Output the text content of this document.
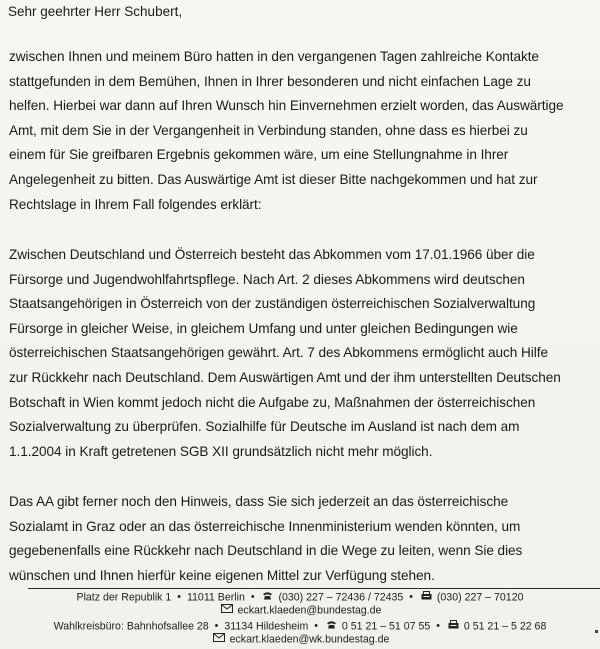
Sehr geehrter Herr Schubert,
zwischen Ihnen und meinem Büro hatten in den vergangenen Tagen zahlreiche Kontakte
stattgefunden in dem Bemühen, Ihnen in Ihrer besonderen und nicht einfachen Lage zu
helfen. Hierbei war dann auf Ihren Wunsch hin Einvernehmen erzielt worden, das Auswärtige
Amt, mit dem Sie in der Vergangenheit in Verbindung standen, ohne dass es hierbei zu
einem für Sie greifbaren Ergebnis gekommen wäre, um eine Stellungnahme in Ihrer
Angelegenheit zu bitten. Das Auswärtige Amt ist dieser Bitte nachgekommen und hat zur
Rechtslage in Ihrem Fall folgendes erklärt:
Zwischen Deutschland und Österreich besteht das Abkommen vom 17.01.1966 über die
Fürsorge und Jugendwohlfahrtspflege. Nach Art. 2 dieses Abkommens wird deutschen
Staatsangehörigen in Österreich von der zuständigen österreichischen Sozialverwaltung
Fürsorge in gleicher Weise, in gleichem Umfang und unter gleichen Bedingungen wie
österreichischen Staatsangehörigen gewährt. Art. 7 des Abkommens ermöglicht auch Hilfe
zur Rückkehr nach Deutschland. Dem Auswärtigen Amt und der ihm unterstellten Deutschen
Botschaft in Wien kommt jedoch nicht die Aufgabe zu, Maßnahmen der österreichischen
Sozialverwaltung zu überprüfen. Sozialhilfe für Deutsche im Ausland ist nach dem am
1.1.2004 in Kraft getretenen SGB XII grundsätzlich nicht mehr möglich.
Das AA gibt ferner noch den Hinweis, dass Sie sich jederzeit an das österreichische
Sozialamt in Graz oder an das österreichische Innenministerium wenden könnten, um
gegebenenfalls eine Rückkehr nach Deutschland in die Wege zu leiten, wenn Sie dies
wünschen und Ihnen hierfür keine eigenen Mittel zur Verfügung stehen.
Platz der Republik 1 • 11011 Berlin • (030) 227 – 72436 / 72435 • (030) 227 – 70120
eckart.klaeden@bundestag.de
Wahlkreisbüro: Bahnhofsallee 28 • 31134 Hildesheim • 0 51 21 – 51 07 55 • 0 51 21 – 5 22 68
eckart.klaeden@wk.bundestag.de
